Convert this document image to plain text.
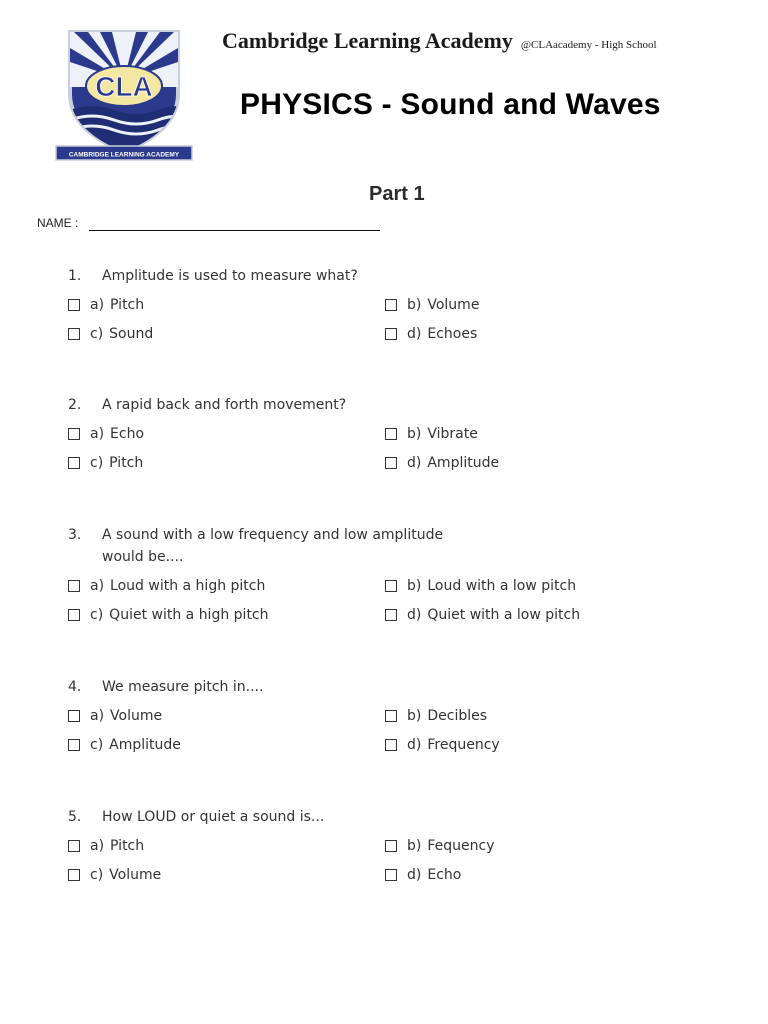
CLA
CAMBRIDGE LEARNING ACADEMY
Cambridge Learning Academy @CLAacademy - High School
PHYSICS - Sound and Waves
Part 1
NAME :
1.	Amplitude is used to measure what?
a) Pitch	b) Volume
c) Sound	d) Echoes
2.	A rapid back and forth movement?
a) Echo	b) Vibrate
c) Pitch	d) Amplitude
3.	A sound with a low frequency and low amplitude would be....
a) Loud with a high pitch	b) Loud with a low pitch
c) Quiet with a high pitch	d) Quiet with a low pitch
4.	We measure pitch in....
a) Volume	b) Decibles
c) Amplitude	d) Frequency
5.	How LOUD or quiet a sound is...
a) Pitch	b) Fequency
c) Volume	d) Echo
